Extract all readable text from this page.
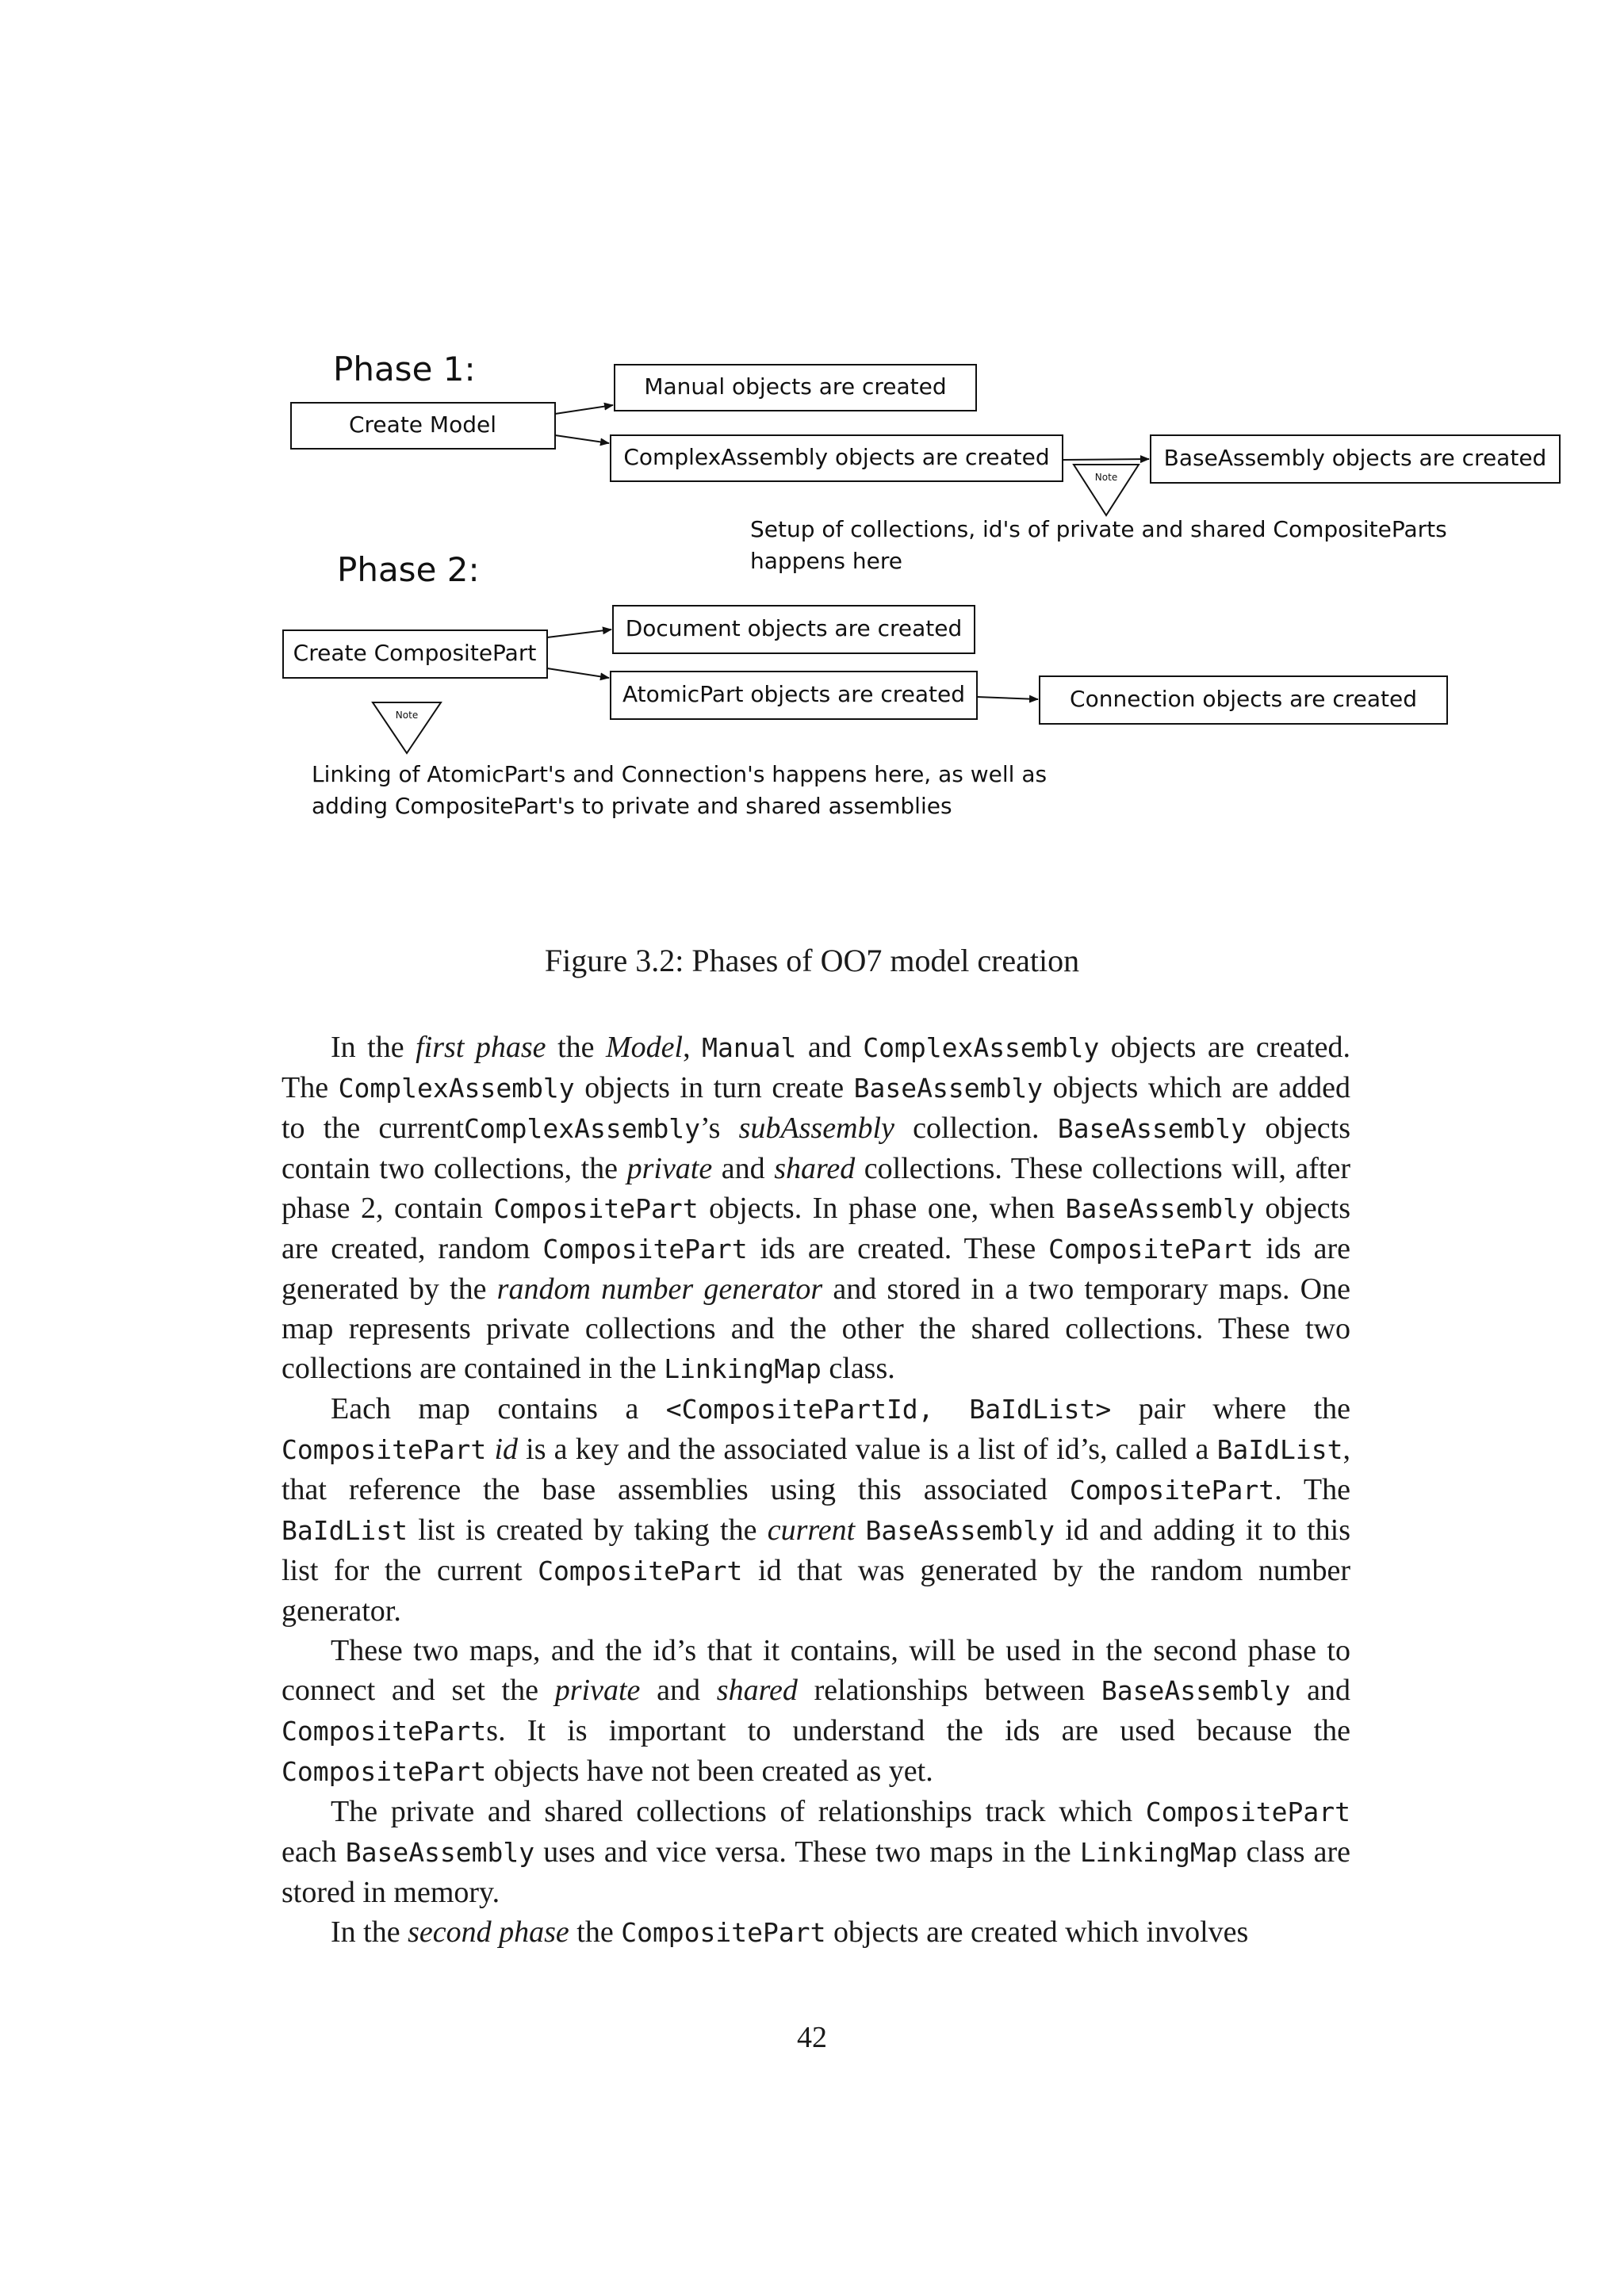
Phase 1:
Create Model
Manual objects are created
ComplexAssembly objects are created	BaseAssembly objects are created
Note
Setup of collections, id's of private and shared CompositeParts
happens here
Phase 2:
Create CompositePart
Document objects are created
AtomicPart objects are created	Connection objects are created
Note
Linking of AtomicPart's and Connection's happens here, as well as
adding CompositePart's to private and shared assemblies
Figure 3.2: Phases of OO7 model creation

In the first phase the Model, Manual and ComplexAssembly objects are created. The ComplexAssembly objects in turn create BaseAssembly objects which are added to the currentComplexAssembly’s subAssembly collection. BaseAssembly objects contain two collections, the private and shared collections. These collections will, after phase 2, contain CompositePart objects. In phase one, when BaseAssembly objects are created, random CompositePart ids are created. These CompositePart ids are generated by the random number generator and stored in a two temporary maps. One map represents private collections and the other the shared collections. These two collections are contained in the LinkingMap class.

Each map contains a <CompositePartId, BaIdList> pair where the CompositePart id is a key and the associated value is a list of id’s, called a BaIdList, that reference the base assemblies using this associated CompositePart. The BaIdList list is created by taking the current BaseAssembly id and adding it to this list for the current CompositePart id that was generated by the random number generator.

These two maps, and the id’s that it contains, will be used in the second phase to connect and set the private and shared relationships between BaseAssembly and CompositeParts. It is important to understand the ids are used because the CompositePart objects have not been created as yet.

The private and shared collections of relationships track which CompositePart each BaseAssembly uses and vice versa. These two maps in the LinkingMap class are stored in memory.

In the second phase the CompositePart objects are created which involves

42
